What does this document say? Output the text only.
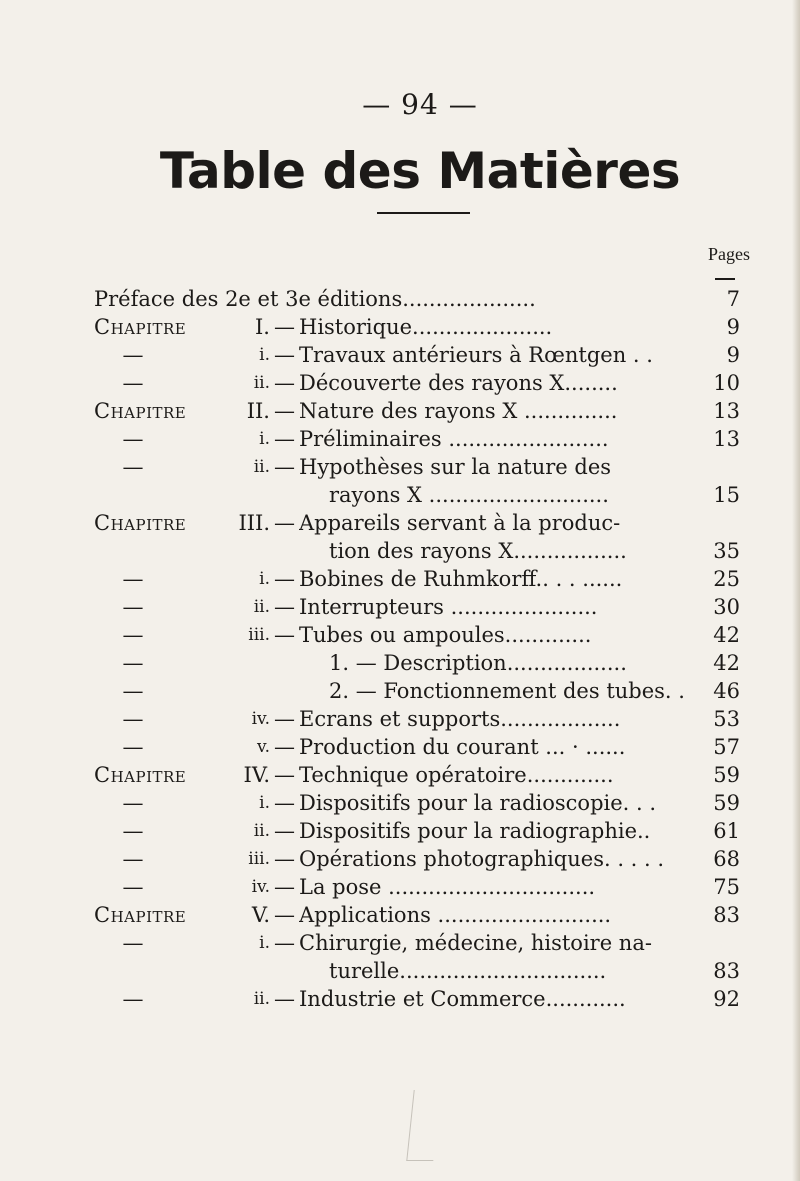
— 94 —
Table des Matières
Pages
Préface des 2e et 3e éditions....................	7
Chapitre	I. — Historique.....................	9
—	i. — Travaux antérieurs à Rœntgen . .	9
—	ii. — Découverte des rayons X........	10
Chapitre	II. — Nature des rayons X ..............	13
—	i. — Préliminaires ........................	13
—	ii. — Hypothèses sur la nature des
rayons X ...........................	15
Chapitre	III. — Appareils servant à la produc-
tion des rayons X.................	35
—	i. — Bobines de Ruhmkorff.. . . ......	25
—	ii. — Interrupteurs ......................	30
—	iii. — Tubes ou ampoules.............	42
—	1. — Description..................	42
—	2. — Fonctionnement des tubes. .	46
—	iv. — Ecrans et supports..................	53
—	v. — Production du courant ... · ......	57
Chapitre	IV. — Technique opératoire.............	59
—	i. — Dispositifs pour la radioscopie. . .	59
—	ii. — Dispositifs pour la radiographie..	61
—	iii. — Opérations photographiques. . . . .	68
—	iv. — La pose ...............................	75
Chapitre	V. — Applications ..........................	83
—	i. — Chirurgie, médecine, histoire na-
turelle...............................	83
—	ii. — Industrie et Commerce............	92
